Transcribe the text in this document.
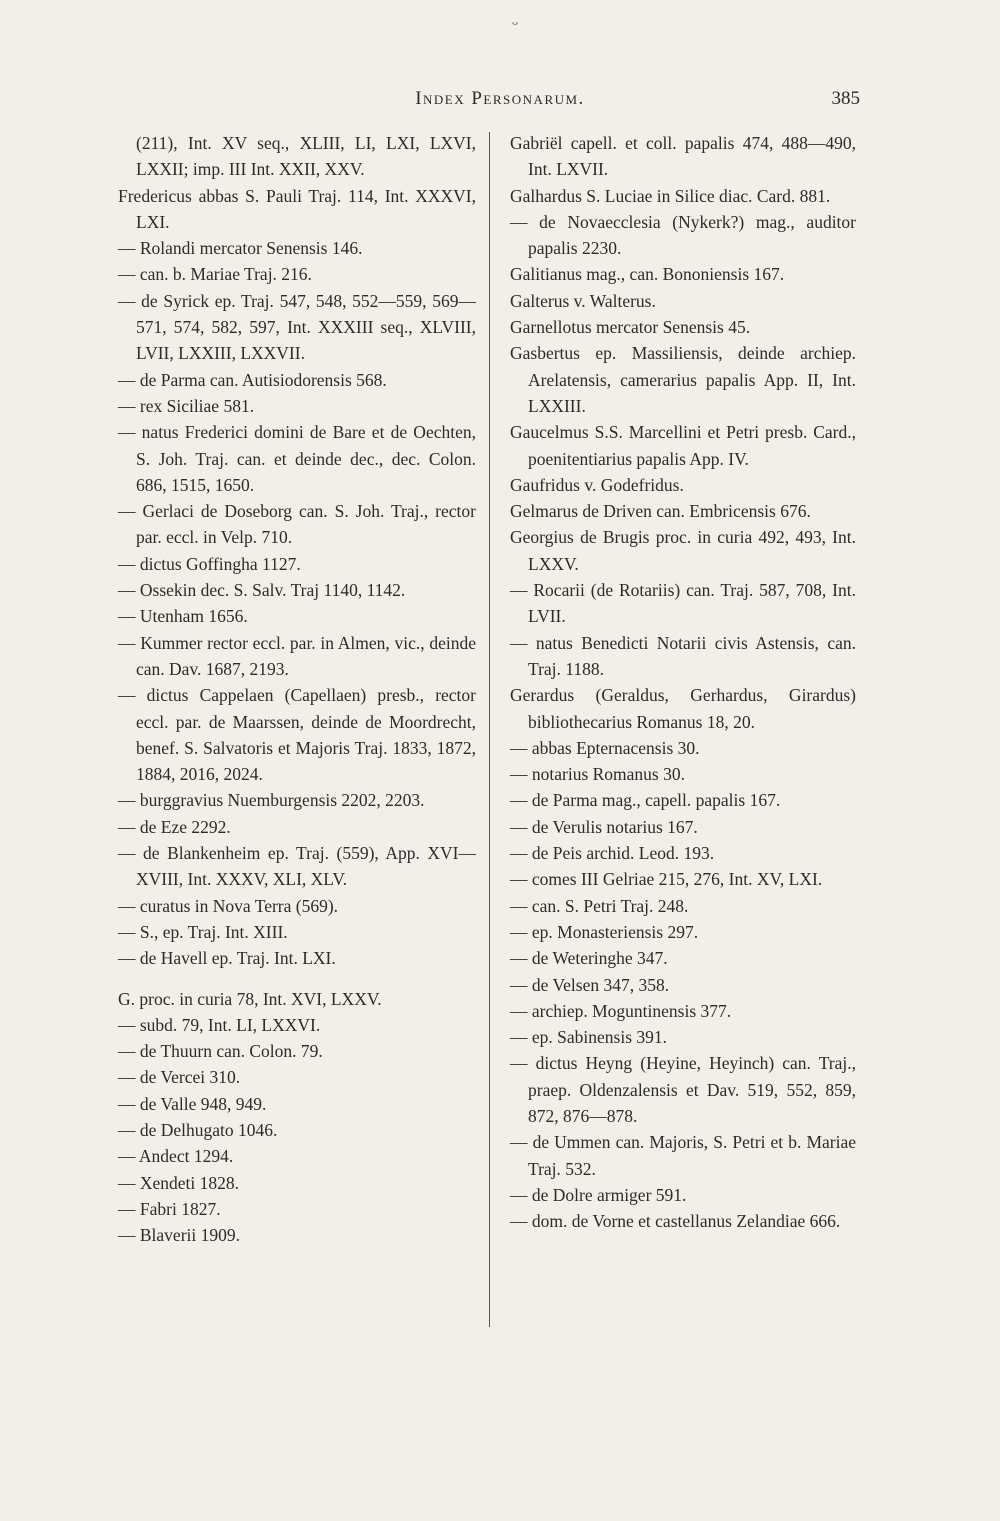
ᴗ
Index Personarum.	385
(211), Int. XV seq., XLIII, LI, LXI, LXVI, LXXII; imp. III Int. XXII, XXV.
Fredericus abbas S. Pauli Traj. 114, Int. XXXVI, LXI.
— Rolandi mercator Senensis 146.
— can. b. Mariae Traj. 216.
— de Syrick ep. Traj. 547, 548, 552—559, 569—571, 574, 582, 597, Int. XXXIII seq., XLVIII, LVII, LXXIII, LXXVII.
— de Parma can. Autisiodorensis 568.
— rex Siciliae 581.
— natus Frederici domini de Bare et de Oechten, S. Joh. Traj. can. et deinde dec., dec. Colon. 686, 1515, 1650.
— Gerlaci de Doseborg can. S. Joh. Traj., rector par. eccl. in Velp. 710.
— dictus Goffingha 1127.
— Ossekin dec. S. Salv. Traj 1140, 1142.
— Utenham 1656.
— Kummer rector eccl. par. in Almen, vic., deinde can. Dav. 1687, 2193.
— dictus Cappelaen (Capellaen) presb., rector eccl. par. de Maarssen, deinde de Moordrecht, benef. S. Salvatoris et Majoris Traj. 1833, 1872, 1884, 2016, 2024.
— burggravius Nuemburgensis 2202, 2203.
— de Eze 2292.
— de Blankenheim ep. Traj. (559), App. XVI—XVIII, Int. XXXV, XLI, XLV.
— curatus in Nova Terra (569).
— S., ep. Traj. Int. XIII.
— de Havell ep. Traj. Int. LXI.
G. proc. in curia 78, Int. XVI, LXXV.
— subd. 79, Int. LI, LXXVI.
— de Thuurn can. Colon. 79.
— de Vercei 310.
— de Valle 948, 949.
— de Delhugato 1046.
— Andect 1294.
— Xendeti 1828.
— Fabri 1827.
— Blaverii 1909.
Gabriël capell. et coll. papalis 474, 488—490, Int. LXVII.
Galhardus S. Luciae in Silice diac. Card. 881.
— de Novaecclesia (Nykerk?) mag., auditor papalis 2230.
Galitianus mag., can. Bononiensis 167.
Galterus v. Walterus.
Garnellotus mercator Senensis 45.
Gasbertus ep. Massiliensis, deinde archiep. Arelatensis, camerarius papalis App. II, Int. LXXIII.
Gaucelmus S.S. Marcellini et Petri presb. Card., poenitentiarius papalis App. IV.
Gaufridus v. Godefridus.
Gelmarus de Driven can. Embricensis 676.
Georgius de Brugis proc. in curia 492, 493, Int. LXXV.
— Rocarii (de Rotariis) can. Traj. 587, 708, Int. LVII.
— natus Benedicti Notarii civis Astensis, can. Traj. 1188.
Gerardus (Geraldus, Gerhardus, Girardus) bibliothecarius Romanus 18, 20.
— abbas Epternacensis 30.
— notarius Romanus 30.
— de Parma mag., capell. papalis 167.
— de Verulis notarius 167.
— de Peis archid. Leod. 193.
— comes III Gelriae 215, 276, Int. XV, LXI.
— can. S. Petri Traj. 248.
— ep. Monasteriensis 297.
— de Weteringhe 347.
— de Velsen 347, 358.
— archiep. Moguntinensis 377.
— ep. Sabinensis 391.
— dictus Heyng (Heyine, Heyinch) can. Traj., praep. Oldenzalensis et Dav. 519, 552, 859, 872, 876—878.
— de Ummen can. Majoris, S. Petri et b. Mariae Traj. 532.
— de Dolre armiger 591.
— dom. de Vorne et castellanus Zelandiae 666.
